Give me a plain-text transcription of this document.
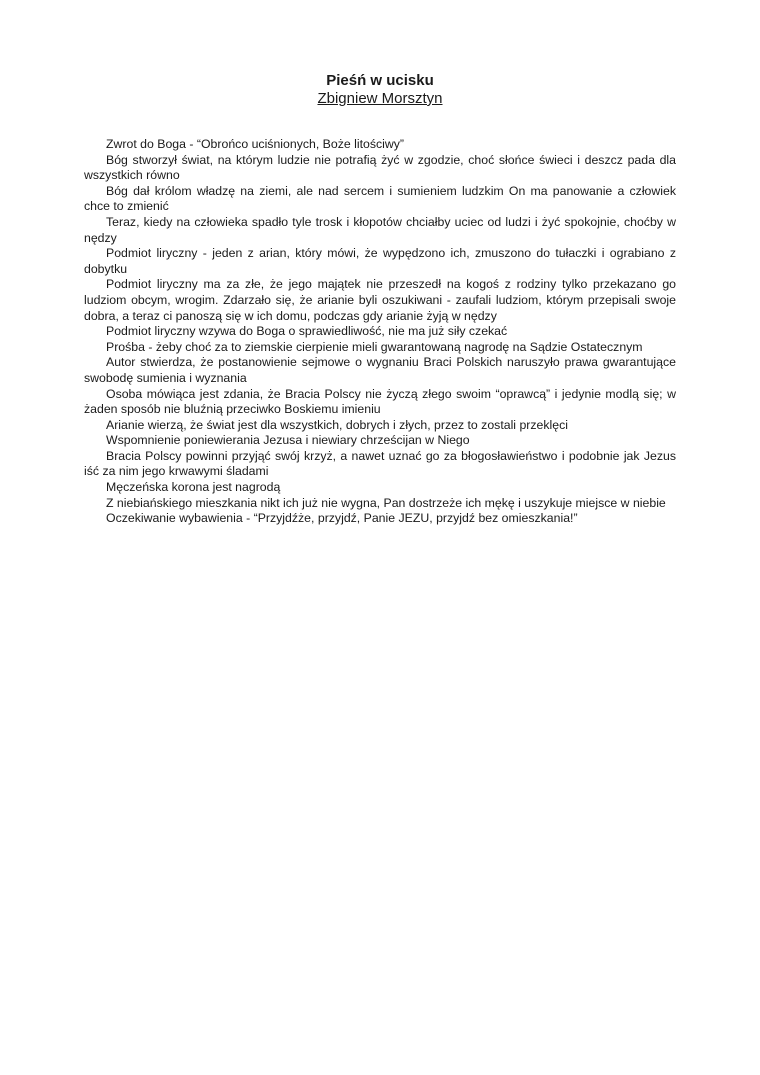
Pieśń w ucisku

Zbigniew Morsztyn

Zwrot do Boga - “Obrońco uciśnionych, Boże litościwy”

Bóg stworzył świat, na którym ludzie nie potrafią żyć w zgodzie, choć słońce świeci i deszcz pada dla wszystkich równo

Bóg dał królom władzę na ziemi, ale nad sercem i sumieniem ludzkim On ma panowanie a człowiek chce to zmienić

Teraz, kiedy na człowieka spadło tyle trosk i kłopotów chciałby uciec od ludzi i żyć spokojnie, choćby w nędzy

Podmiot liryczny - jeden z arian, który mówi, że wypędzono ich, zmuszono do tułaczki i ograbiano z dobytku

Podmiot liryczny ma za złe, że jego majątek nie przeszedł na kogoś z rodziny tylko przekazano go ludziom obcym, wrogim. Zdarzało się, że arianie byli oszukiwani - zaufali ludziom, którym przepisali swoje dobra, a teraz ci panoszą się w ich domu, podczas gdy arianie żyją w nędzy

Podmiot liryczny wzywa do Boga o sprawiedliwość, nie ma już siły czekać

Prośba - żeby choć za to ziemskie cierpienie mieli gwarantowaną nagrodę na Sądzie Ostatecznym

Autor stwierdza, że postanowienie sejmowe o wygnaniu Braci Polskich naruszyło prawa gwarantujące swobodę sumienia i wyznania

Osoba mówiąca jest zdania, że Bracia Polscy nie życzą złego swoim “oprawcą” i jedynie modlą się; w żaden sposób nie bluźnią przeciwko Boskiemu imieniu

Arianie wierzą, że świat jest dla wszystkich, dobrych i złych, przez to zostali przeklęci

Wspomnienie poniewierania Jezusa i niewiary chrześcijan w Niego

Bracia Polscy powinni przyjąć swój krzyż, a nawet uznać go za błogosławieństwo i podobnie jak Jezus iść za nim jego krwawymi śladami

Męczeńska korona jest nagrodą

Z niebiańskiego mieszkania nikt ich już nie wygna, Pan dostrzeże ich mękę i uszykuje miejsce w niebie

Oczekiwanie wybawienia - “Przyjdźże, przyjdź, Panie JEZU, przyjdź bez omieszkania!”
